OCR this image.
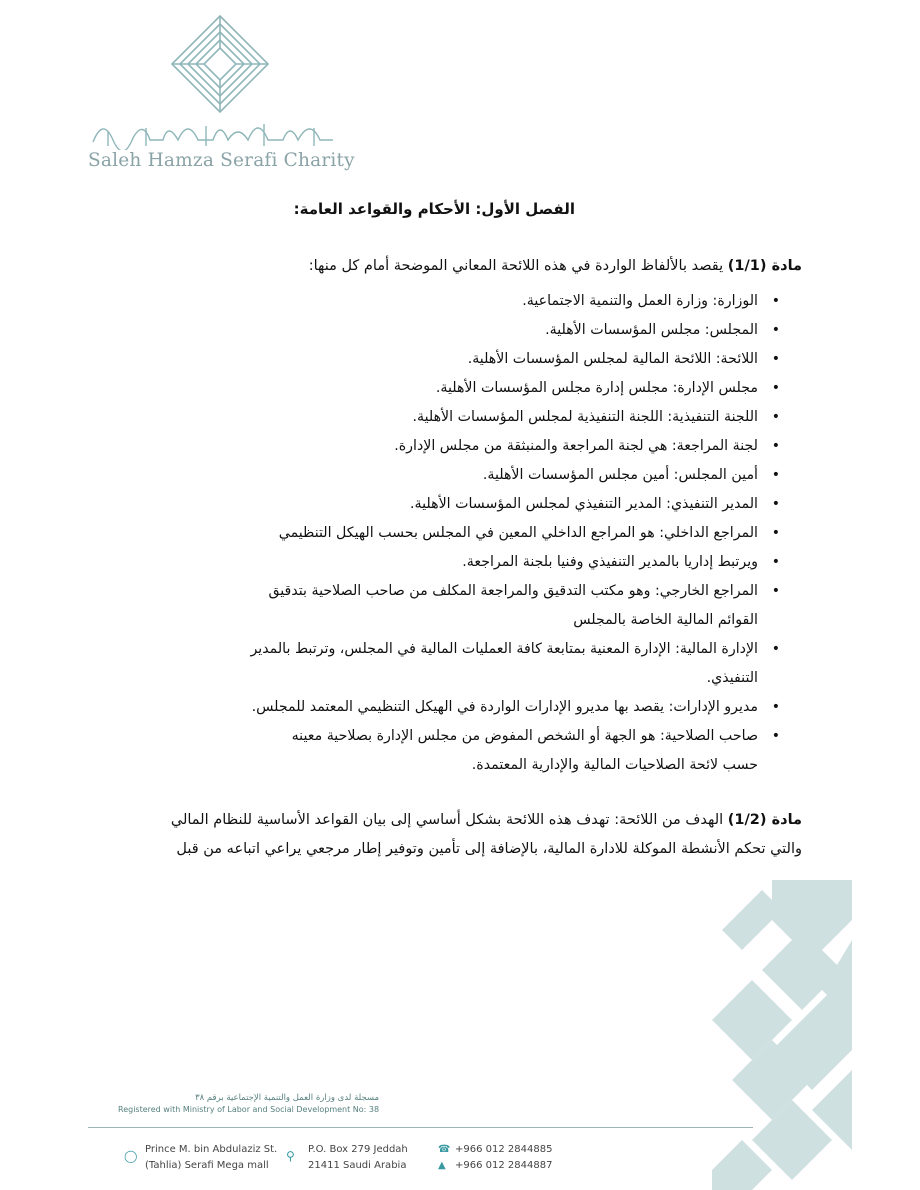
Saleh Hamza Serafi Charity
الفصل الأول: الأحكام والقواعد العامة:
مادة (1/1) يقصد بالألفاظ الواردة في هذه اللائحة المعاني الموضحة أمام كل منها:
• الوزارة: وزارة العمل والتنمية الاجتماعية.
• المجلس: مجلس المؤسسات الأهلية.
• اللائحة: اللائحة المالية لمجلس المؤسسات الأهلية.
• مجلس الإدارة: مجلس إدارة مجلس المؤسسات الأهلية.
• اللجنة التنفيذية: اللجنة التنفيذية لمجلس المؤسسات الأهلية.
• لجنة المراجعة: هي لجنة المراجعة والمنبثقة من مجلس الإدارة.
• أمين المجلس: أمين مجلس المؤسسات الأهلية.
• المدير التنفيذي: المدير التنفيذي لمجلس المؤسسات الأهلية.
• المراجع الداخلي: هو المراجع الداخلي المعين في المجلس بحسب الهيكل التنظيمي
• ويرتبط إداريا بالمدير التنفيذي وفنيا بلجنة المراجعة.
• المراجع الخارجي: وهو مكتب التدقيق والمراجعة المكلف من صاحب الصلاحية بتدقيق
القوائم المالية الخاصة بالمجلس
• الإدارة المالية: الإدارة المعنية بمتابعة كافة العمليات المالية في المجلس، وترتبط بالمدير
التنفيذي.
• مديرو الإدارات: يقصد بها مديرو الإدارات الواردة في الهيكل التنظيمي المعتمد للمجلس.
• صاحب الصلاحية: هو الجهة أو الشخص المفوض من مجلس الإدارة بصلاحية معينه
حسب لائحة الصلاحيات المالية والإدارية المعتمدة.
مادة (1/2) الهدف من اللائحة: تهدف هذه اللائحة بشكل أساسي إلى بيان القواعد الأساسية للنظام المالي والتي تحكم الأنشطة الموكلة للادارة المالية، بالإضافة إلى تأمين وتوفير إطار مرجعي يراعي اتباعه من قبل
مسجلة لدى وزارة العمل والتنمية الإجتماعية برقم ٣٨
Registered with Ministry of Labor and Social Development No: 38
◯ Prince M. bin Abdulaziz St.
(Tahlia) Serafi Mega mall
⚲ P.O. Box 279 Jeddah
21411 Saudi Arabia
☎
▲
+966 012 2844885
+966 012 2844887
